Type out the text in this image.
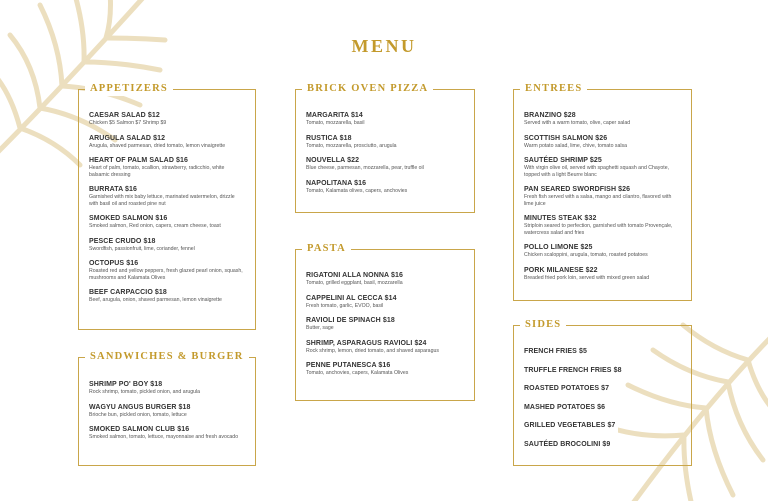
MENU
APPETIZERS
CAESAR SALAD $12
Chicken $5 Salmon $7 Shrimp $9
ARUGULA SALAD $12
Arugula, shaved parmesan, dried tomato, lemon vinaigrette
HEART OF PALM SALAD $16
Heart of palm, tomato, scallion, strawberry, radicchio, white balsamic dressing
BURRATA $16
Garnished with mix baby lettuce, marinated watermelon, drizzle with basil oil and roasted pine nut
SMOKED SALMON $16
Smoked salmon, Red onion, capers, cream cheese, toast
PESCE CRUDO $18
Swordfish, passionfruit, lime, coriander, fennel
OCTOPUS $16
Roasted red and yellow peppers, fresh glazed pearl onion, squash, mushrooms and Kalamata Olives
BEEF CARPACCIO $18
Beef, arugula, onion, shaved parmesan, lemon vinaigrette
SANDWICHES & BURGER
SHRIMP PO' BOY $18
Rock shrimp, tomato, pickled onion, and arugula
WAGYU ANGUS BURGER $18
Brioche bun, pickled onion, tomato, lettuce
SMOKED SALMON CLUB $16
Smoked salmon, tomato, lettuce, mayonnaise and fresh avocado
BRICK OVEN PIZZA
MARGARITA $14
Tomato, mozzarella, basil
RUSTICA $18
Tomato, mozzarella, prosciutto, arugula
NOUVELLA $22
Blue cheese, parmesan, mozzarella, pear, truffle oil
NAPOLITANA $16
Tomato, Kalamata olives, capers, anchovies
PASTA
RIGATONI ALLA NONNA $16
Tomato, grilled eggplant, basil, mozzarella
CAPPELINI AL CECCA $14
Fresh tomato, garlic, EVOO, basil
RAVIOLI DE SPINACH $18
Butter, sage
SHRIMP, ASPARAGUS RAVIOLI $24
Rock shrimp, lemon, dried tomato, and shaved asparagus
PENNE PUTANESCA $16
Tomato, anchovies, capers, Kalamata Olives
ENTREES
BRANZINO $28
Served with a warm tomato, olive, caper salad
SCOTTISH SALMON $26
Warm potato salad, lime, chive, tomato salsa
SAUTÉED SHRIMP $25
With virgin olive oil, served with spaghetti squash and Chayote, topped with a light Beurre blanc
PAN SEARED SWORDFISH $26
Fresh fish served with a salsa, mango and cilantro, flavored with lime juice
MINUTES STEAK $32
Striploin seared to perfection, garnished with tomato Provençale, watercress salad and fries
POLLO LIMONE $25
Chicken scaloppini, arugula, tomato, roasted potatoes
PORK MILANESE $22
Breaded fried pork loin, served with mixed green salad
SIDES
FRENCH FRIES $5
TRUFFLE FRENCH FRIES $8
ROASTED POTATOES $7
MASHED POTATOES $6
GRILLED VEGETABLES $7
SAUTÉED BROCOLINI $9
